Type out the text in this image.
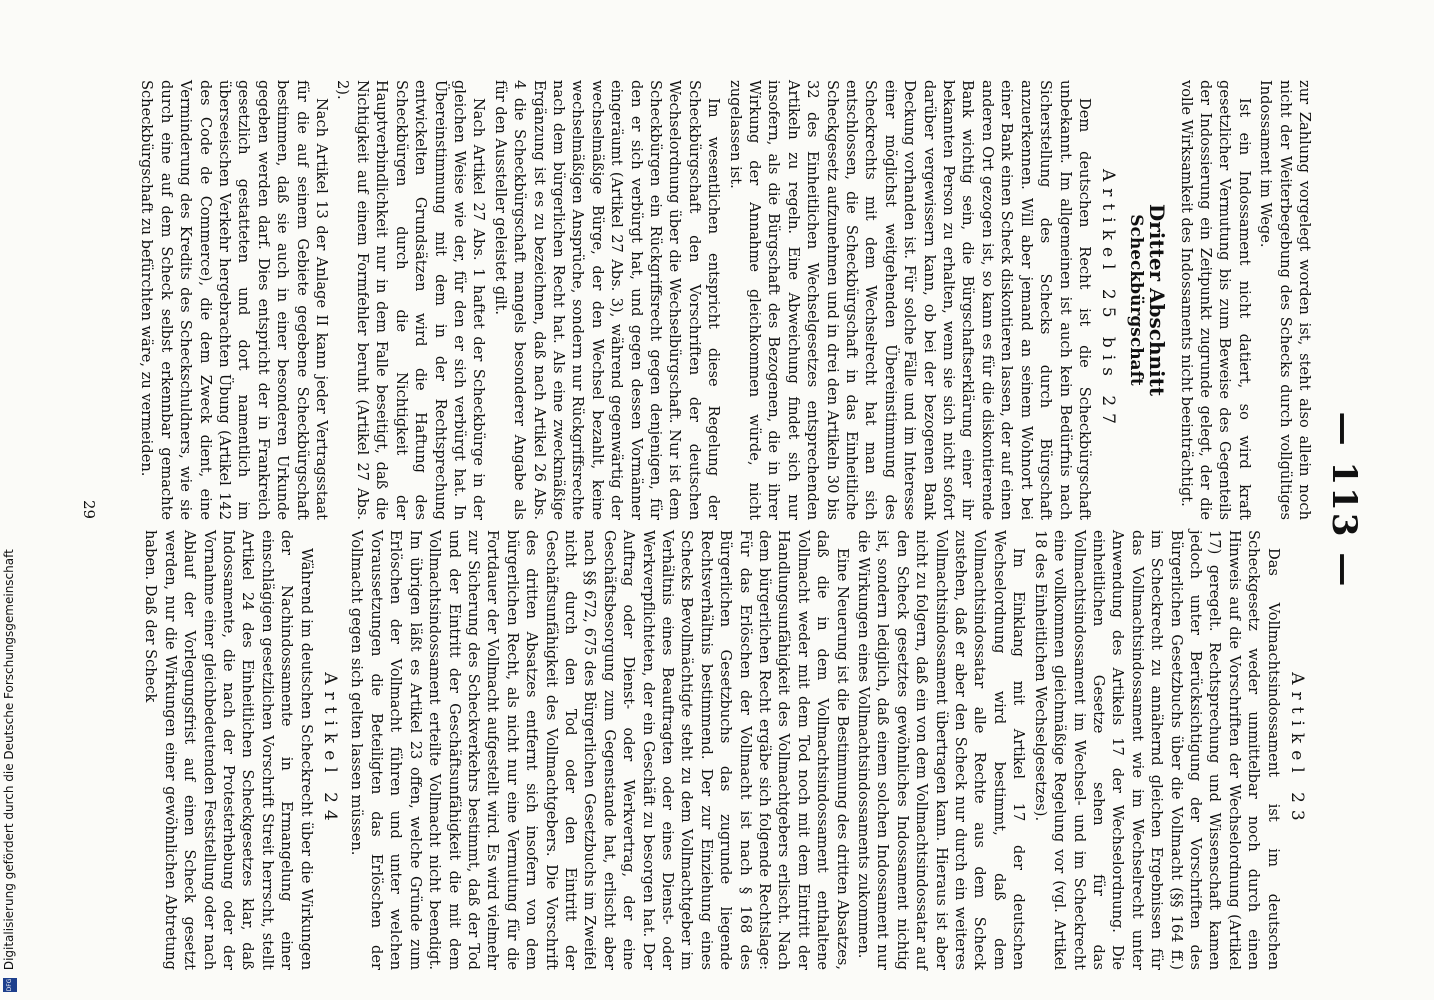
— 113 —

zur Zahlung vorgelegt worden ist, steht also allein noch nicht der Weiterbegebung des Schecks durch vollgültiges Indossament im Wege.

Ist ein Indossament nicht datiert, so wird kraft gesetzlicher Vermutung bis zum Beweise des Gegenteils der Indossierung ein Zeitpunkt zugrunde gelegt, der die volle Wirksamkeit des Indossaments nicht beeinträchtigt.

Dritter Abschnitt
Scheckbürgschaft
Artikel 25 bis 27

Dem deutschen Recht ist die Scheckbürgschaft unbekannt. Im allgemeinen ist auch kein Bedürfnis nach Sicherstellung des Schecks durch Bürgschaft anzuerkennen. Will aber jemand an seinem Wohnort bei einer Bank einen Scheck diskontieren lassen, der auf einen anderen Ort gezogen ist, so kann es für die diskontierende Bank wichtig sein, die Bürgschaftserklärung einer ihr bekannten Person zu erhalten, wenn sie sich nicht sofort darüber vergewissern kann, ob bei der bezogenen Bank Deckung vorhanden ist. Für solche Fälle und im Interesse einer möglichst weitgehenden Übereinstimmung des Scheckrechts mit dem Wechselrecht hat man sich entschlossen, die Scheckbürgschaft in das Einheitliche Scheckgesetz aufzunehmen und in drei den Artikeln 30 bis 32 des Einheitlichen Wechselgesetzes entsprechenden Artikeln zu regeln. Eine Abweichung findet sich nur insofern, als die Bürgschaft des Bezogenen, die in ihrer Wirkung der Annahme gleichkommen würde, nicht zugelassen ist.

Im wesentlichen entspricht diese Regelung der Scheckbürgschaft den Vorschriften der deutschen Wechselordnung über die Wechselbürgschaft. Nur ist dem Scheckbürgen ein Rückgriffsrecht gegen denjenigen, für den er sich verbürgt hat, und gegen dessen Vormänner eingeräumt (Artikel 27 Abs. 3), während gegenwärtig der wechselmäßige Bürge, der den Wechsel bezahlt, keine wechselmäßigen Ansprüche, sondern nur Rückgriffsrechte nach dem bürgerlichen Recht hat. Als eine zweckmäßige Ergänzung ist es zu bezeichnen, daß nach Artikel 26 Abs. 4 die Scheckbürgschaft mangels besonderer Angabe als für den Aussteller geleistet gilt.

Nach Artikel 27 Abs. 1 haftet der Scheckbürge in der gleichen Weise wie der, für den er sich verbürgt hat. In Übereinstimmung mit dem in der Rechtsprechung entwickelten Grundsätzen wird die Haftung des Scheckbürgen durch die Nichtigkeit der Hauptverbindlichkeit nur in dem Falle beseitigt, daß die Nichtigkeit auf einem Formfehler beruht (Artikel 27 Abs. 2).

Nach Artikel 13 der Anlage II kann jeder Vertragsstaat für die auf seinem Gebiete gegebene Scheckbürgschaft bestimmen, daß sie auch in einer besonderen Urkunde gegeben werden darf. Dies entspricht der in Frankreich gesetzlich gestatteten und dort namentlich im überseeischen Verkehr hergebrachten Übung (Artikel 142 des Code de Commerce), die dem Zweck dient, eine Verminderung des Kredits des Scheckschuldners, wie sie durch eine auf dem Scheck selbst erkennbar gemachte Scheckbürgschaft zu befürchten wäre, zu vermeiden.

Artikel 23

Das Vollmachtsindossament ist im deutschen Scheckgesetz weder unmittelbar noch durch einen Hinweis auf die Vorschriften der Wechselordnung (Artikel 17) geregelt. Rechtsprechung und Wissenschaft kamen jedoch unter Berücksichtigung der Vorschriften des Bürgerlichen Gesetzbuchs über die Vollmacht (§§ 164 ff.) im Scheckrecht zu annähernd gleichen Ergebnissen für das Vollmachtsindossament wie im Wechselrecht unter Anwendung des Artikels 17 der Wechselordnung. Die einheitlichen Gesetze sehen für das Vollmachtsindossament im Wechsel- und im Scheckrecht eine vollkommen gleichmäßige Regelung vor (vgl. Artikel 18 des Einheitlichen Wechselgesetzes).

Im Einklang mit Artikel 17 der deutschen Wechselordnung wird bestimmt, daß dem Vollmachtsindossatar alle Rechte aus dem Scheck zustehen, daß er aber den Scheck nur durch ein weiteres Vollmachtsindossament übertragen kann. Hieraus ist aber nicht zu folgern, daß ein von dem Vollmachtsindossatar auf den Scheck gesetztes gewöhnliches Indossament nichtig ist, sondern lediglich, daß einem solchen Indossament nur die Wirkungen eines Vollmachtsindossaments zukommen.

Eine Neuerung ist die Bestimmung des dritten Absatzes, daß die in dem Vollmachtsindossament enthaltene Vollmacht weder mit dem Tod noch mit dem Eintritt der Handlungsunfähigkeit des Vollmachtgebers erlischt. Nach dem bürgerlichen Recht ergäbe sich folgende Rechtslage: Für das Erlöschen der Vollmacht ist nach § 168 des Bürgerlichen Gesetzbuchs das zugrunde liegende Rechtsverhältnis bestimmend. Der zur Einziehung eines Schecks Bevollmächtigte steht zu dem Vollmachtgeber im Verhältnis eines Beauftragten oder eines Dienst- oder Werkverpflichteten, der ein Geschäft zu besorgen hat. Der Auftrag oder Dienst- oder Werkvertrag, der eine Geschäftsbesorgung zum Gegenstande hat, erlischt aber nach §§ 672, 675 des Bürgerlichen Gesetzbuchs im Zweifel nicht durch den Tod oder den Eintritt der Geschäftsunfähigkeit des Vollmachtgebers. Die Vorschrift des dritten Absatzes entfernt sich insofern von dem bürgerlichen Recht, als nicht nur eine Vermutung für die Fortdauer der Vollmacht aufgestellt wird. Es wird vielmehr zur Sicherung des Scheckverkehrs bestimmt, daß der Tod und der Eintritt der Geschäftsunfähigkeit die mit dem Vollmachtsindossament erteilte Vollmacht nicht beendigt. Im übrigen läßt es Artikel 23 offen, welche Gründe zum Erlöschen der Vollmacht führen und unter welchen Voraussetzungen die Beteiligten das Erlöschen der Vollmacht gegen sich gelten lassen müssen.

Artikel 24

Während im deutschen Scheckrecht über die Wirkungen der Nachindossamente in Ermangelung einer einschlägigen gesetzlichen Vorschrift Streit herrscht, stellt Artikel 24 des Einheitlichen Scheckgesetzes klar, daß Indossamente, die nach der Protesterhebung oder der Vornahme einer gleichbedeutenden Feststellung oder nach Ablauf der Vorlegungsfrist auf einen Scheck gesetzt werden, nur die Wirkungen einer gewöhnlichen Abtretung haben. Daß der Scheck

29
DFG Digitalisierung gefördert durch die Deutsche Forschungsgemeinschaft
